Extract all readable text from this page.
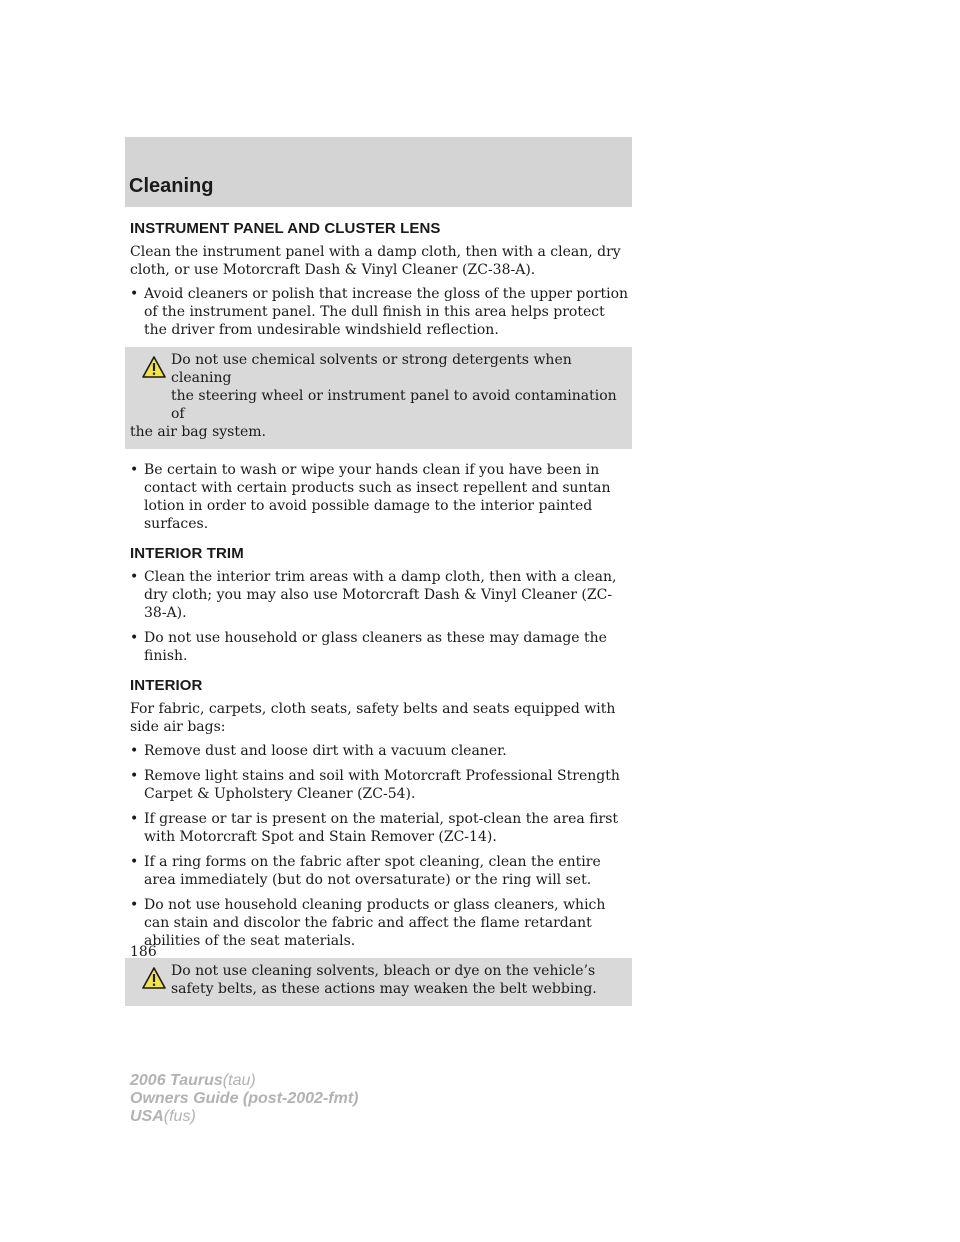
Cleaning
INSTRUMENT PANEL AND CLUSTER LENS

Clean the instrument panel with a damp cloth, then with a clean, dry cloth, or use Motorcraft Dash & Vinyl Cleaner (ZC-38-A).

• Avoid cleaners or polish that increase the gloss of the upper portion of the instrument panel. The dull finish in this area helps protect the driver from undesirable windshield reflection.
Do not use chemical solvents or strong detergents when cleaning
the steering wheel or instrument panel to avoid contamination of
the air bag system.
• Be certain to wash or wipe your hands clean if you have been in contact with certain products such as insect repellent and suntan lotion in order to avoid possible damage to the interior painted surfaces.
INTERIOR TRIM
• Clean the interior trim areas with a damp cloth, then with a clean, dry cloth; you may also use Motorcraft Dash & Vinyl Cleaner (ZC-38-A).
• Do not use household or glass cleaners as these may damage the finish.
INTERIOR

For fabric, carpets, cloth seats, safety belts and seats equipped with side air bags:

• Remove dust and loose dirt with a vacuum cleaner.
• Remove light stains and soil with Motorcraft Professional Strength Carpet & Upholstery Cleaner (ZC-54).
• If grease or tar is present on the material, spot-clean the area first with Motorcraft Spot and Stain Remover (ZC-14).
• If a ring forms on the fabric after spot cleaning, clean the entire area immediately (but do not oversaturate) or the ring will set.
• Do not use household cleaning products or glass cleaners, which can stain and discolor the fabric and affect the flame retardant abilities of the seat materials.
Do not use cleaning solvents, bleach or dye on the vehicle’s
safety belts, as these actions may weaken the belt webbing.

186

2006 Taurus(tau)
Owners Guide (post-2002-fmt)
USA(fus)
